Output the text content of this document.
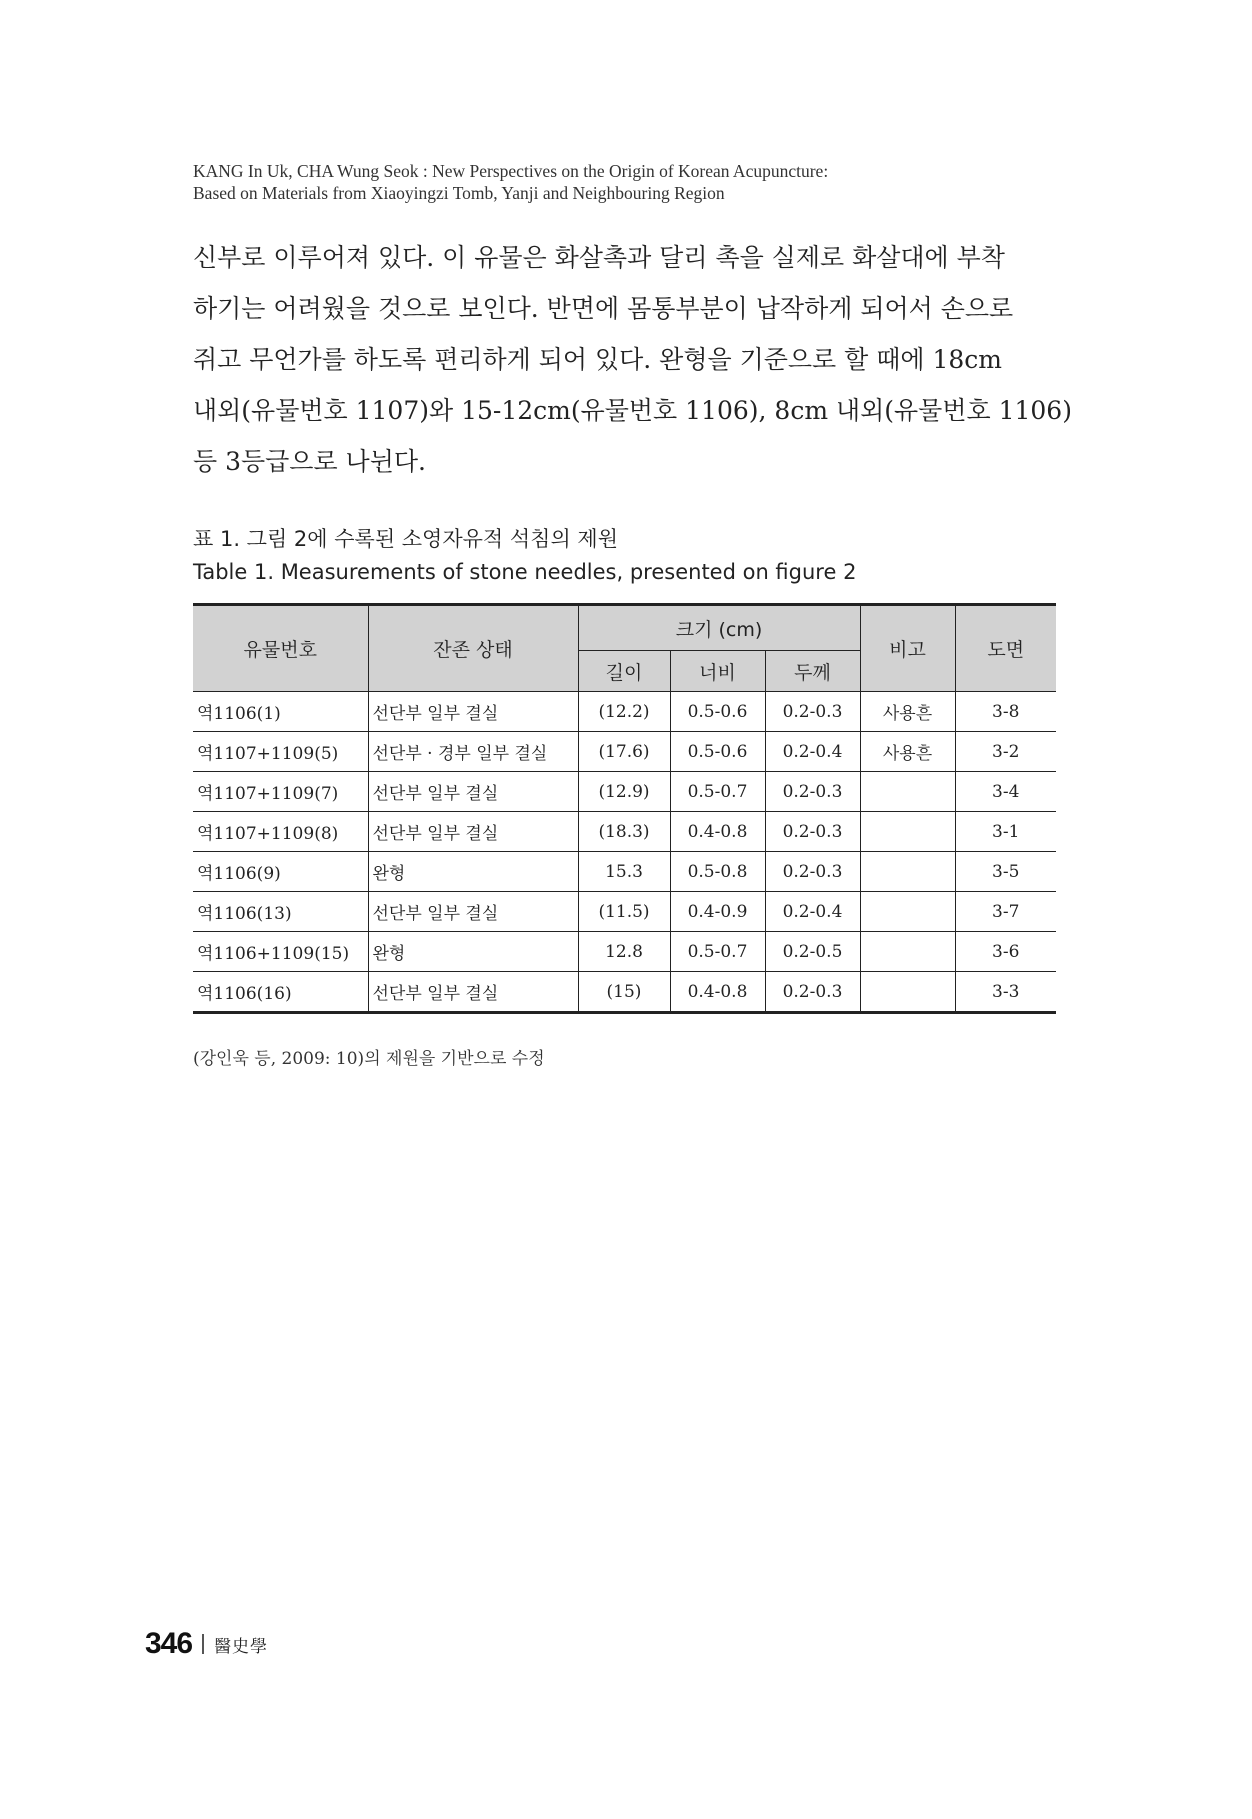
KANG In Uk, CHA Wung Seok : New Perspectives on the Origin of Korean Acupuncture:
Based on Materials from Xiaoyingzi Tomb, Yanji and Neighbouring Region
신부로 이루어져 있다. 이 유물은 화살촉과 달리 촉을 실제로 화살대에 부착
하기는 어려웠을 것으로 보인다. 반면에 몸통부분이 납작하게 되어서 손으로
쥐고 무언가를 하도록 편리하게 되어 있다. 완형을 기준으로 할 때에 18cm
내외(유물번호 1107)와 15-12cm(유물번호 1106), 8cm 내외(유물번호 1106)
등 3등급으로 나뉜다.
표 1. 그림 2에 수록된 소영자유적 석침의 제원
Table 1. Measurements of stone needles, presented on figure 2
유물번호	잔존 상태	크기 (cm)			비고	도면
		길이	너비	두께		
역1106(1)	선단부 일부 결실	(12.2)	0.5-0.6	0.2-0.3	사용흔	3-8
역1107+1109(5)	선단부 · 경부 일부 결실	(17.6)	0.5-0.6	0.2-0.4	사용흔	3-2
역1107+1109(7)	선단부 일부 결실	(12.9)	0.5-0.7	0.2-0.3		3-4
역1107+1109(8)	선단부 일부 결실	(18.3)	0.4-0.8	0.2-0.3		3-1
역1106(9)	완형	15.3	0.5-0.8	0.2-0.3		3-5
역1106(13)	선단부 일부 결실	(11.5)	0.4-0.9	0.2-0.4		3-7
역1106+1109(15)	완형	12.8	0.5-0.7	0.2-0.5		3-6
역1106(16)	선단부 일부 결실	(15)	0.4-0.8	0.2-0.3		3-3
(강인욱 등, 2009: 10)의 제원을 기반으로 수정
346 醫史學
